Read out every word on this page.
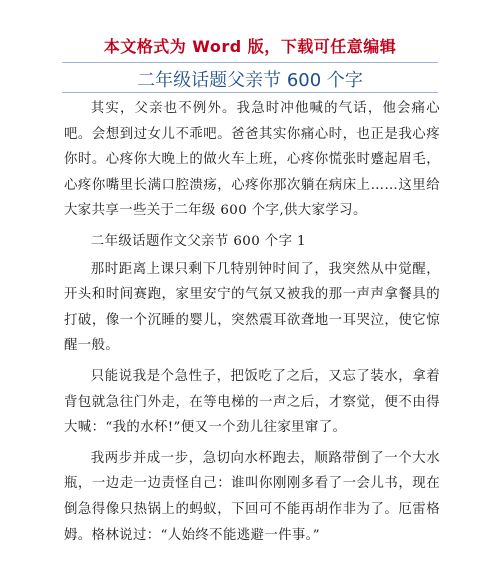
本文格式为 Word 版，下载可任意编辑
二年级话题父亲节 600 个字

其实，父亲也不例外。我急时冲他喊的气话，他会痛心吧。会想到过女儿不乖吧。爸爸其实你痛心时，也正是我心疼你时。心疼你大晚上的做火车上班，心疼你慌张时蹙起眉毛，心疼你嘴里长满口腔溃疡，心疼你那次躺在病床上……这里给大家共享一些关于二年级 600 个字,供大家学习。

二年级话题作文父亲节 600 个字 1

那时距离上课只剩下几特别钟时间了，我突然从中觉醒，开头和时间赛跑，家里安宁的气氛又被我的那一声声拿餐具的打破，像一个沉睡的婴儿，突然震耳欲聋地一耳哭泣，使它惊醒一般。

只能说我是个急性子，把饭吃了之后，又忘了装水，拿着背包就急往门外走，在等电梯的一声之后，才察觉，便不由得大喊：“我的水杯!”便又一个劲儿往家里窜了。

我两步并成一步，急切向水杯跑去，顺路带倒了一个大水瓶，一边走一边责怪自己：谁叫你刚刚多看了一会儿书，现在倒急得像只热锅上的蚂蚁，下回可不能再胡作非为了。厄雷格姆。格林说过：“人始终不能逃避一件事。”
